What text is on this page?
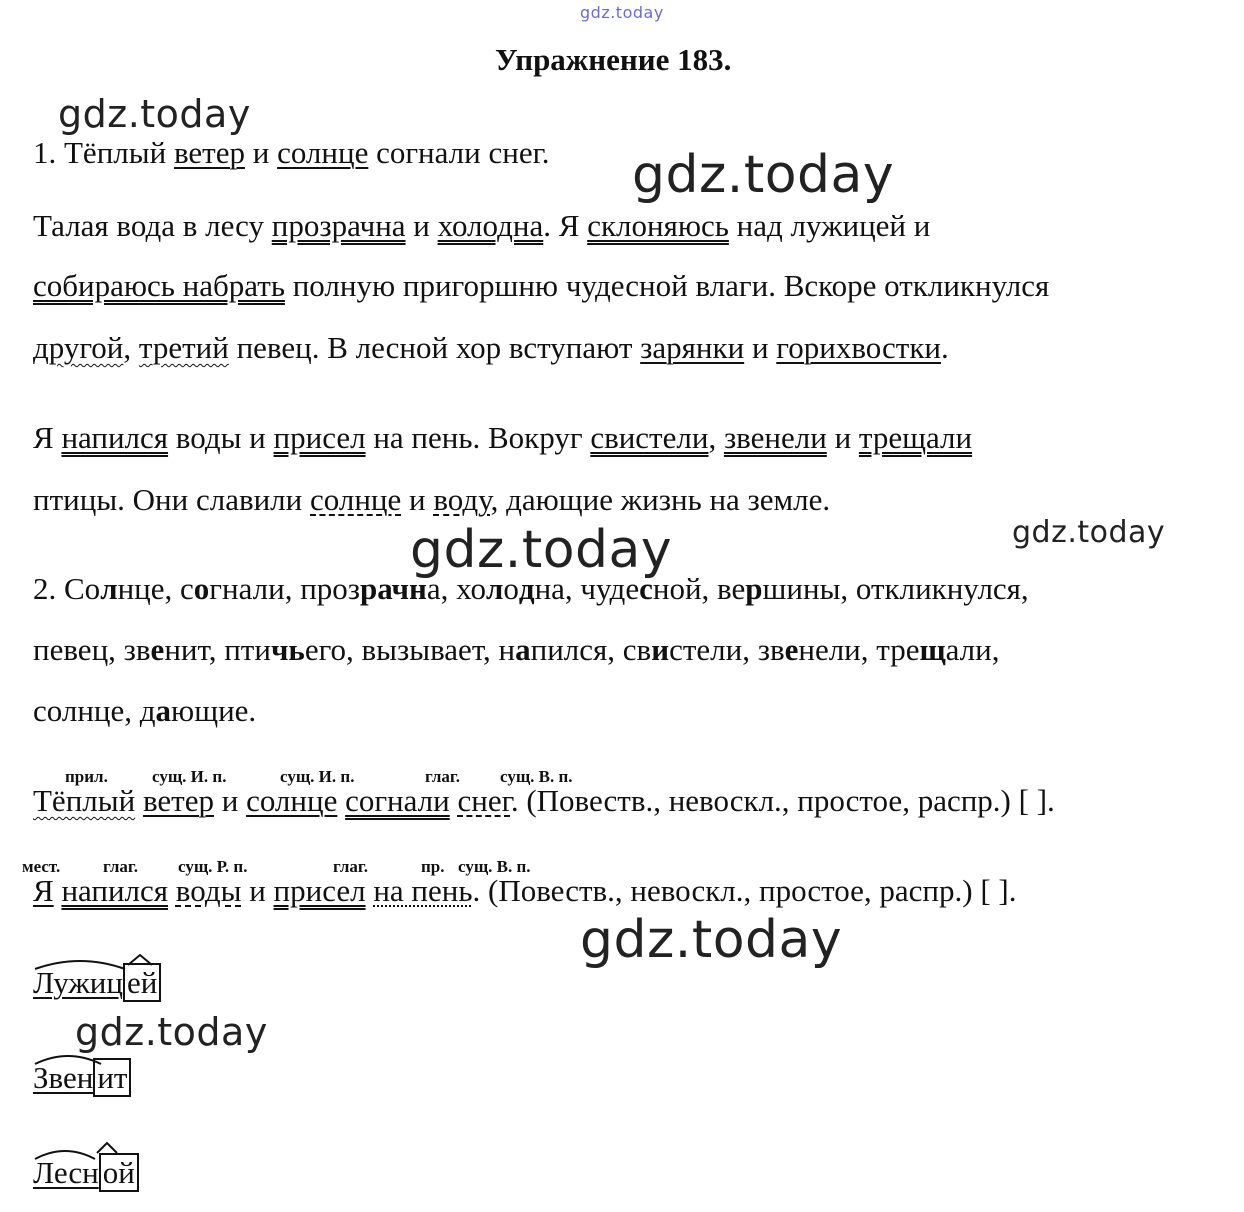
gdz.today
gdz.today
gdz.today
gdz.today
gdz.today
gdz.today
gdz.today
Упражнение 183.
1. Тёплый ветер и солнце согнали снег.
Талая вода в лесу прозрачна и холодна. Я склоняюсь над лужицей и
собираюсь набрать полную пригоршню чудесной влаги. Вскоре откликнулся
другой, третий певец. В лесной хор вступают зарянки и горихвостки.
Я напился воды и присел на пень. Вокруг свистели, звенели и трещали
птицы. Они славили солнце и воду, дающие жизнь на земле.
2. Солнце, согнали, прозрачна, холодна, чудесной, вершины, откликнулся,
певец, звенит, птичьего, вызывает, напился, свистели, звенели, трещали,
солнце, дающие.
прил.	сущ. И. п.	сущ. И. п.	глаг. сущ. В. п.
Тёплый ветер и солнце согнали снег. (Повеств., невоскл., простое, распр.) [ ].
мест.	глаг. сущ. Р. п.	глаг.	пр. сущ. В. п.
Я напился воды и присел на пень. (Повеств., невоскл., простое, распр.) [ ].
Лужиц ей
Звен ит
Лесн ой
